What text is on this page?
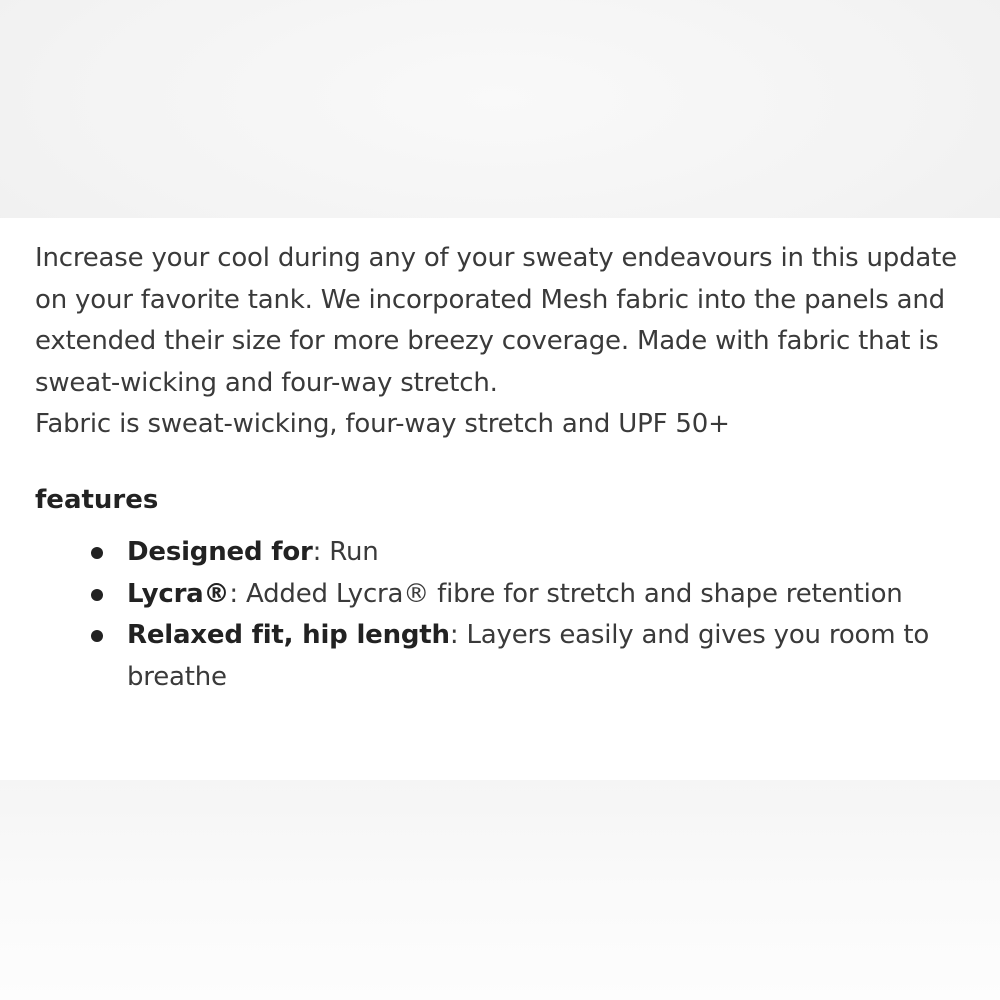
Increase your cool during any of your sweaty endeavours in this update on your favorite tank. We incorporated Mesh fabric into the panels and extended their size for more breezy coverage. Made with fabric that is sweat-wicking and four-way stretch.

Fabric is sweat-wicking, four-way stretch and UPF 50+

features
Designed for: Run
Lycra®: Added Lycra® fibre for stretch and shape retention
Relaxed fit, hip length: Layers easily and gives you room to breathe
